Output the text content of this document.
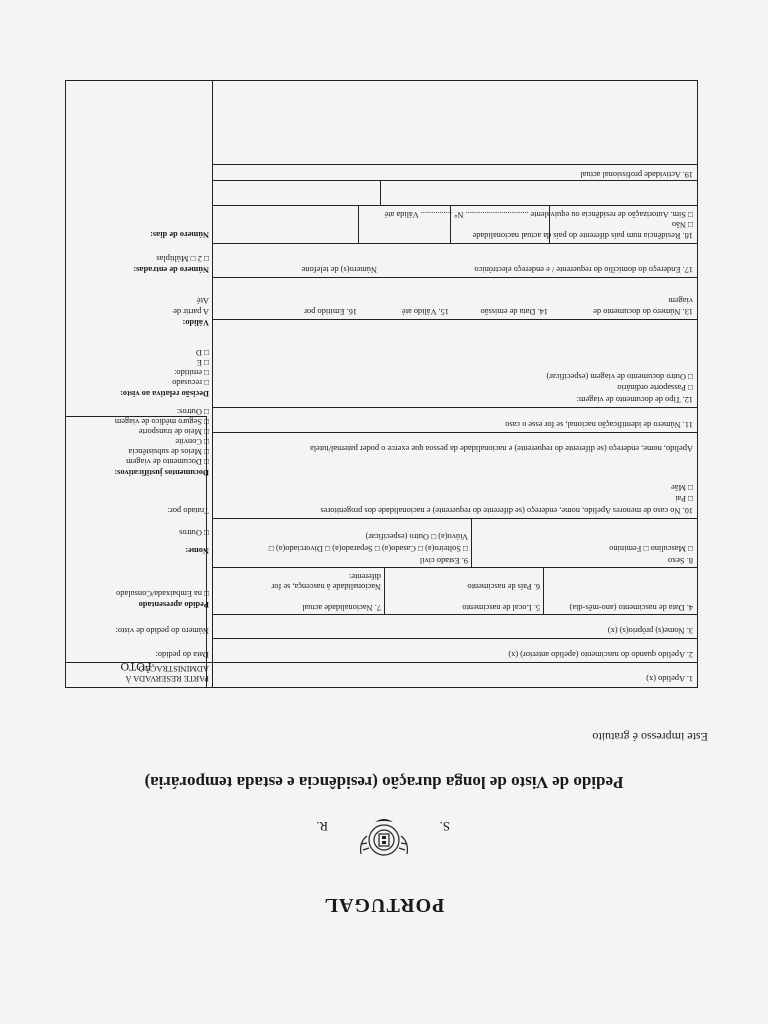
PORTUGAL
S.
R.
Pedido de Visto de longa duração (residência e estada temporária)
Este impresso é gratuito
FOTO
1. Apelido (x)
2. Apelido quando do nascimento (apelido anterior) (x)
3. Nome(s) próprio(s) (x)
4. Data de nascimento (ano-mês-dia)
5. Local de nascimento
6. País de nascimento
7. Nacionalidade actual
Nacionalidade à nascença, se for
diferente:
8. Sexo
□ Masculino □ Feminino
9. Estado civil
□ Solteiro(a) □ Casado(a) □ Separado(a) □ Divorciado(a) □
Viúvo(a) □ Outro (especificar)
10. No caso de menores Apelido, nome, endereço (se diferente do requerente) e nacionalidade dos progenitores
□ Pai
□ Mãe
Apelido, nome, endereço (se diferente do requerente) e nacionalidade da pessoa que exerce o poder paternal/tutela
11. Número de identificação nacional, se for esse o caso
12. Tipo de documento de viagem:
□ Passaporte ordinário
□ Outro documento de viagem (especificar)
13. Número do documento de
viagem
14. Data de emissão
15. Válido até
16. Emitido por
17. Endereço do domicílio do requerente / e endereço electrónico
Número(s) de telefone
18. Residência num país diferente do país da actual nacionalidade
□ Não
□ Sim. Autorização de residência ou equivalente .............................. N° ............... Válida até
19. Actividade profissional actual
PARTE RESERVADA À
ADMINISTRAÇÃO
Data do pedido:
Número do pedido de visto:
Pedido apresentado
□ na Embaixada/Consulado
Nome:
□ Outros
Tratado por:
Documentos justificativos:
□ Documento de viagem
□ Meios de subsistência
□ Convite
□ Meio de transporte
□ Seguro médico de viagem
□ Outros:
Decisão relativa ao visto:
□ recusado
□ emitido:
□ E
□ D
Válido:
A partir de
Até
Número de entradas:
□ 2 □ Múltiplas
Número de dias:
